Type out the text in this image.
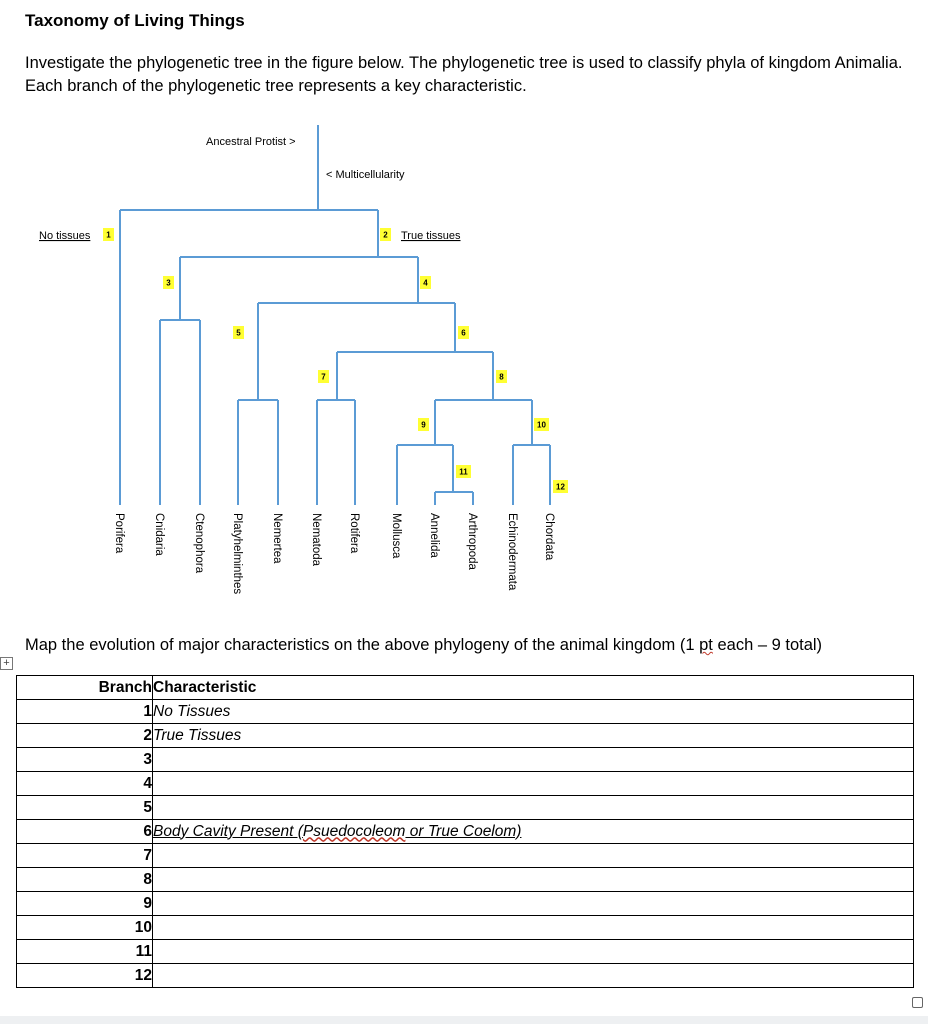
Taxonomy of Living Things
Investigate the phylogenetic tree in the figure below. The phylogenetic tree is used to classify phyla of kingdom Animalia. Each branch of the phylogenetic tree represents a key characteristic.
Ancestral Protist >
< Multicellularity
No tissues	True tissues
1	2
3	4
5	6
7	8
9	10
11
12
Porifera Cnidaria Ctenophora Platyhelminthes Nemertea Nematoda Rotifera	Mollusca Annelida Arthropoda Echinodermata Chordata
Map the evolution of major characteristics on the above phylogeny of the animal kingdom (1 pt each – 9 total)
+
Branch	Characteristic
1	No Tissues
2	True Tissues
3	
4	
5	
6	Body Cavity Present (Psuedocoleom or True Coelom)
7	
8	
9	
10	
11	
12	
